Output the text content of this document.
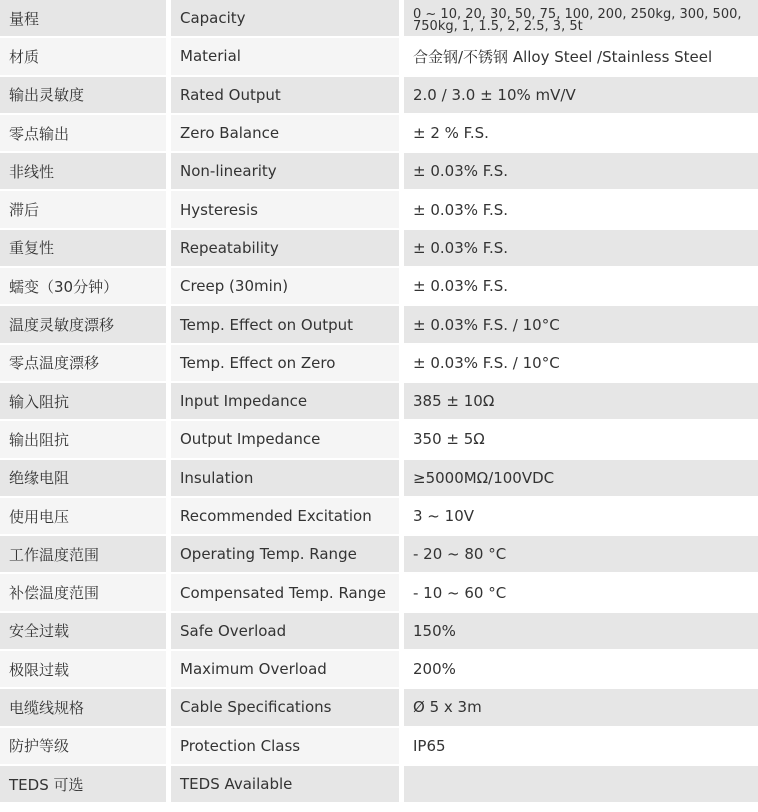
量程	Capacity	0 ~ 10, 20, 30, 50, 75, 100, 200, 250kg, 300, 500, 750kg, 1, 1.5, 2, 2.5, 3, 5t
材质	Material	合金钢/不锈钢 Alloy Steel /Stainless Steel
输出灵敏度	Rated Output	2.0 / 3.0 ± 10% mV/V
零点输出	Zero Balance	± 2 % F.S.
非线性	Non-linearity	± 0.03% F.S.
滞后	Hysteresis	± 0.03% F.S.
重复性	Repeatability	± 0.03% F.S.
蠕变（30分钟）	Creep (30min)	± 0.03% F.S.
温度灵敏度漂移	Temp. Effect on Output	± 0.03% F.S. / 10°C
零点温度漂移	Temp. Effect on Zero	± 0.03% F.S. / 10°C
输入阻抗	Input Impedance	385 ± 10Ω
输出阻抗	Output Impedance	350 ± 5Ω
绝缘电阻	Insulation	≥5000MΩ/100VDC
使用电压	Recommended Excitation	3 ~ 10V
工作温度范围	Operating Temp. Range	- 20 ~ 80 °C
补偿温度范围	Compensated Temp. Range	- 10 ~ 60 °C
安全过载	Safe Overload	150%
极限过载	Maximum Overload	200%
电缆线规格	Cable Specifications	Ø 5 x 3m
防护等级	Protection Class	IP65
TEDS 可选	TEDS Available
